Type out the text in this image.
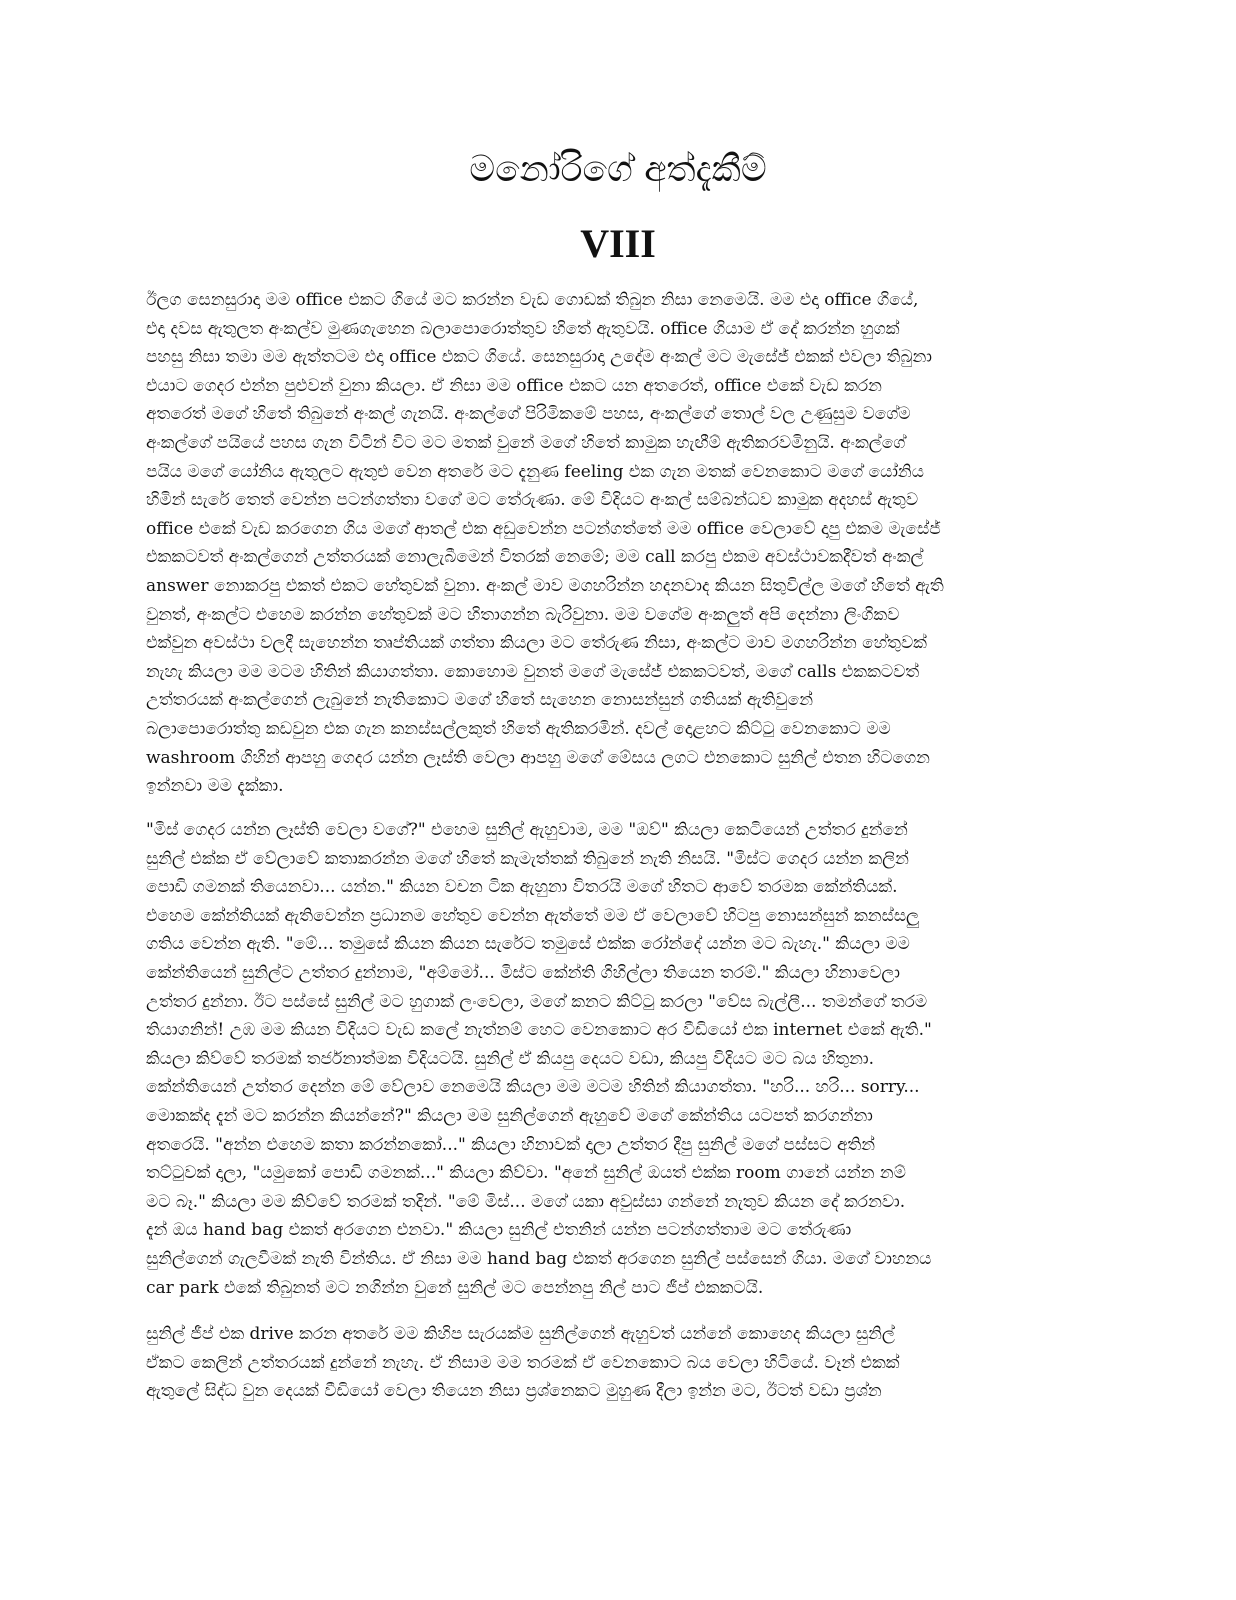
මනෝරිගේ අත්දැකීම්
VIII
ඊලග සෙනසුරාදා මම office එකට ගියේ මට කරන්න වැඩ ගොඩක් තිබුන නිසා නෙමෙයි. මම එදා office ගියේ,
එදා දවස ඇතුලත අංකල්ව මුණගැහෙන බලාපොරොත්තුව හිතේ ඇතුවයි. office ගියාම ඒ දේ කරන්න හුගක්
පහසු නිසා තමා මම ඇත්තටම එදා office එකට ගියේ. සෙනසුරාදා උදේම අංකල් මට මැසේජ් එකක් එවලා තිබුනා
එයාට ගෙදර එන්න පුළුවන් වුනා කියලා. ඒ නිසා මම office එකට යන අතරෙත්, office එකේ වැඩ කරන
අතරෙත් මගේ හිතේ තිබුනේ අංකල් ගැනයි. අංකල්ගේ පිරිමිකමේ පහස, අංකල්ගේ තොල් වල උණුසුම වගේම
අංකල්ගේ පයියේ පහස ගැන විටින් විට මට මතක් වුනේ මගේ හිතේ කාමුක හැඟීම් ඇතිකරවමිනුයි. අංකල්ගේ
පයිය මගේ යෝනිය ඇතුලට ඇතුළු වෙන අතරේ මට දැනුණ feeling එක ගැන මතක් වෙනකොට මගේ යෝනිය
හිමින් සැරේ තෙත් වෙන්න පටන්ගත්තා වගේ මට තේරුණා. මේ විදියට අංකල් සම්බන්ධව කාමුක අදහස් ඇතුව
office එකේ වැඩ කරගෙන ගිය මගේ ආතල් එක අඩුවෙන්න පටන්ගත්තේ මම office වෙලාවේ දාපු එකම මැසේජ්
එකකටවත් අංකල්ගෙන් උත්තරයක් නොලැබීමෙන් විතරක් නෙමේ; මම call කරපු එකම අවස්ථාවකදීවත් අංකල්
answer නොකරපු එකත් එකට හේතුවක් වුනා. අංකල් මාව මගහරින්න හදනවාද කියන සිතුවිල්ල මගේ හිතේ ඇති
වුනත්, අංකල්ට එහෙම කරන්න හේතුවක් මට හිතාගන්න බැරිවුනා. මම වගේම අංකලුත් අපි දෙන්නා ලිංගිකව
එක්වුන අවස්ථා වලදී සැහෙන්න තෘප්තියක් ගත්තා කියලා මට තේරුණ නිසා, අංකල්ට මාව මගහරින්න හේතුවක්
නැහැ කියලා මම මටම හිතින් කියාගත්තා. කොහොම වුනත් මගේ මැසේජ් එකකටවත්, මගේ calls එකකටවත්
උත්තරයක් අංකල්ගෙන් ලැබුනේ නැතිකොට මගේ හිතේ සැහෙන නොසන්සුන් ගතියක් ඇතිවුනේ
බලාපොරොත්තු කඩවුන එක ගැන කනස්සල්ලකුත් හිතේ ඇතිකරමින්. දවල් දොළහට කිට්ටු වෙනකොට මම
washroom ගිහින් ආපහු ගෙදර යන්න ලෑස්ති වෙලා ආපහු මගේ මේසය ලගට එනකොට සුනිල් එතන හිටගෙන
ඉන්නවා මම දැක්කා.
"මිස් ගෙදර යන්න ලෑස්ති වෙලා වගේ?" එහෙම සුනිල් ඇහුවාම, මම "ඔව්" කියලා කෙටියෙන් උත්තර දුන්නේ
සුනිල් එක්ක ඒ වේලාවේ කතාකරන්න මගේ හිතේ කැමැත්තක් තිබුනේ නැති නිසයි. "මිස්ට ගෙදර යන්න කලින්
පොඩි ගමනක් තියෙනවා... යන්න." කියන වචන ටික ඇහුනා විතරයි මගේ හිතට ආවේ තරමක කේන්තියක්.
එහෙම කේන්තියක් ඇතිවෙන්න ප්‍රධානම හේතුව වෙන්න ඇත්තේ මම ඒ වෙලාවේ හිටපු නොසන්සුන් කනස්සලු
ගතිය වෙන්න ඇති. "මේ... තමුසේ කියන කියන සැරේට තමුසේ එක්ක රෝන්දේ යන්න මට බැහැ." කියලා මම
කේන්තියෙන් සුනිල්ට උත්තර දුන්නාම, "අම්මෝ... මිස්ට කේන්ති ගිහිල්ලා තියෙන තරම්." කියලා හිනාවෙලා
උත්තර දුන්නා. ඊට පස්සේ සුනිල් මට හුගාක් ලංවෙලා, මගේ කනට කිට්ටු කරලා "වේස බැල්ලී... තමන්ගේ තරම
තියාගනින්! උඹ මම කියන විදියට වැඩ කලේ නැත්නම් හෙට වෙනකොට අර වීඩියෝ එක internet එකේ ඇති."
කියලා කිව්වේ තරමක් තර්ජනාත්මක විදියටයි. සුනිල් ඒ කියපු දෙයට වඩා, කියපු විදියට මට බය හිතුනා.
කේන්තියෙන් උත්තර දෙන්න මේ වේලාව නෙමෙයි කියලා මම මටම හිතින් කියාගත්තා. "හරි... හරි... sorry...
මොකක්ද දැන් මට කරන්න කියන්නේ?" කියලා මම සුනිල්ගෙන් ඇහුවේ මගේ කේන්තිය යටපත් කරගන්නා
අතරෙයි. "අන්න එහෙම කතා කරන්නකෝ..." කියලා හිනාවක් දාලා උත්තර දීපු සුනිල් මගේ පස්සට අතින්
තට්ටුවක් දාලා, "යමුකෝ පොඩි ගමනක්..." කියලා කිව්වා. "අනේ සුනිල් ඔයත් එක්ක room ගානේ යන්න නම්
මට බෑ." කියලා මම කිව්වේ තරමක් තදින්. "මේ මිස්... මගේ යකා අවුස්සා ගන්නේ නැතුව කියන දේ කරනවා.
දැන් ඔය hand bag එකත් අරගෙන එනවා." කියලා සුනිල් එතනින් යන්න පටන්ගත්තාම මට තේරුණා
සුනිල්ගෙන් ගැලවීමක් නැති වින්තිය. ඒ නිසා මම hand bag එකත් අරගෙන සුනිල් පස්සෙන් ගියා. මගේ වාහනය
car park එකේ තිබුනත් මට නගින්න වුනේ සුනිල් මට පෙන්නපු නිල් පාට ජීප් එකකටයි.
සුනිල් ජීප් එක drive කරන අතරේ මම කිහිප සැරයක්ම සුනිල්ගෙන් ඇහුවත් යන්නේ කොහෙද කියලා සුනිල්
ඒකට කෙලින් උත්තරයක් දුන්නේ නැහැ. ඒ නිසාම මම තරමක් ඒ වෙනකොට බය වෙලා හිටියේ. වෑන් එකක්
ඇතුලේ සිද්ධ වුන දෙයක් වීඩියෝ වෙලා තියෙන නිසා ප්‍රශ්නෙකට මුහුණ දීලා ඉන්න මට, ඊටත් වඩා ප්‍රශ්න
